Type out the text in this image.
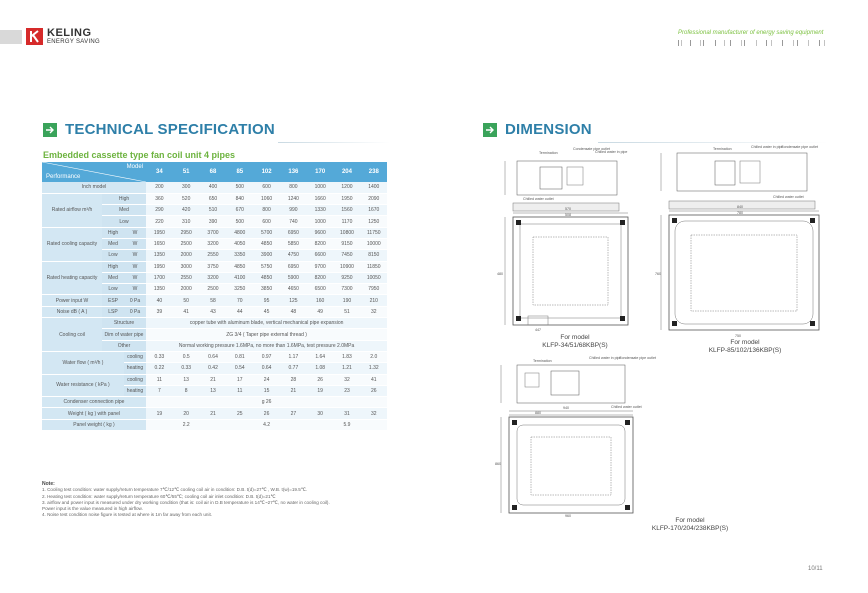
KELING
ENERGY SAVING
Professional manufacturer of energy saving equipment
TECHNICAL SPECIFICATION
Embedded cassette type fan coil unit 4 pipes
Model
Performance			34	51	68	85	102	136	170	204	238
Inch model			200	300	400	500	600	800	1000	1200	1400
Rated airflow m³/h	High		360	520	650	840	1060	1240	1660	1950	2090
	Med		290	420	510	670	800	990	1330	1560	1670
	Low		220	310	390	500	600	740	1000	1170	1250
Rated cooling capacity	High	W	1950	2950	3700	4800	5700	6950	9600	10800	11750
	Med	W	1650	2500	3200	4050	4850	5850	8200	9150	10000
	Low	W	1350	2000	2550	3350	3900	4750	6600	7450	8150
Rated heating capacity	High	W	1950	3000	3750	4850	5750	6950	9700	10900	11850
	Med	W	1700	2550	3200	4100	4850	5900	8200	9250	10050
	Low	W	1350	2000	2500	3250	3850	4650	6500	7300	7950
Power input W	ESP	0 Pa	40	50	58	70	95	125	160	190	210
Noise dB ( A )	LSP	0 Pa	39	41	43	44	45	48	49	51	32
Cooling coil	Structure		copper tube with aluminum blade, vertical mechanical pipe expansion								
	Dim of water pipe		ZG 3/4 ( Taper pipe external thread )								
	Other		Normal working pressure 1.6MPa, no more than 1.6MPa, test pressure 2.0MPa								
Water flow ( m³/h )		cooling	0.33	0.5	0.64	0.81	0.97	1.17	1.64	1.83	2.0
		heating	0.22	0.33	0.42	0.54	0.64	0.77	1.08	1.21	1.32
Water resistance ( kPa )		cooling	11	13	21	17	24	28	26	32	41
		heating	7	8	13	11	15	21	19	23	26
Condenser connection pipe			ɡ 26								
Weight ( kg ) with panel			19	20	21	25	26	27	30	31	32
Panel weight ( kg )			2.2			4.2			5.9		
Note:
1. Cooling test condition: water supply/return temperature 7℃/12℃ cooling coil air in condition: D.B. t(d)=27℃ , W.B. t(w)=19.5℃.
2. Heating test condition: water supply/return temperature 60℃/55℃; cooling coil air inlet condition: D.B. t(d)=21℃
3. airflow and power input is measured under dry working condition (that is: coil air in D.B temperature is 14℃~27℃, no water in cooling coil).
Power input is the value measured in high airflow.
4. Noise test condition noise figure is tested at where is 1m far away from each unit.
DIMENSION
Termination
Condensate pipe outlet
Chilled water in pipe
Chilled water outlet
570
508
480
447
For model
KLFP-34/51/68KBP(S)
Termination	Chilled water in pipe
Condensate pipe outlet
Chilled water outlet
840
780
760
750
For model
KLFP-85/102/136KBP(S)
Termination
Chilled water in pipe
Condensate pipe outlet
Chilled water outlet
940
880
860
960
For model
KLFP-170/204/238KBP(S)
10/11
